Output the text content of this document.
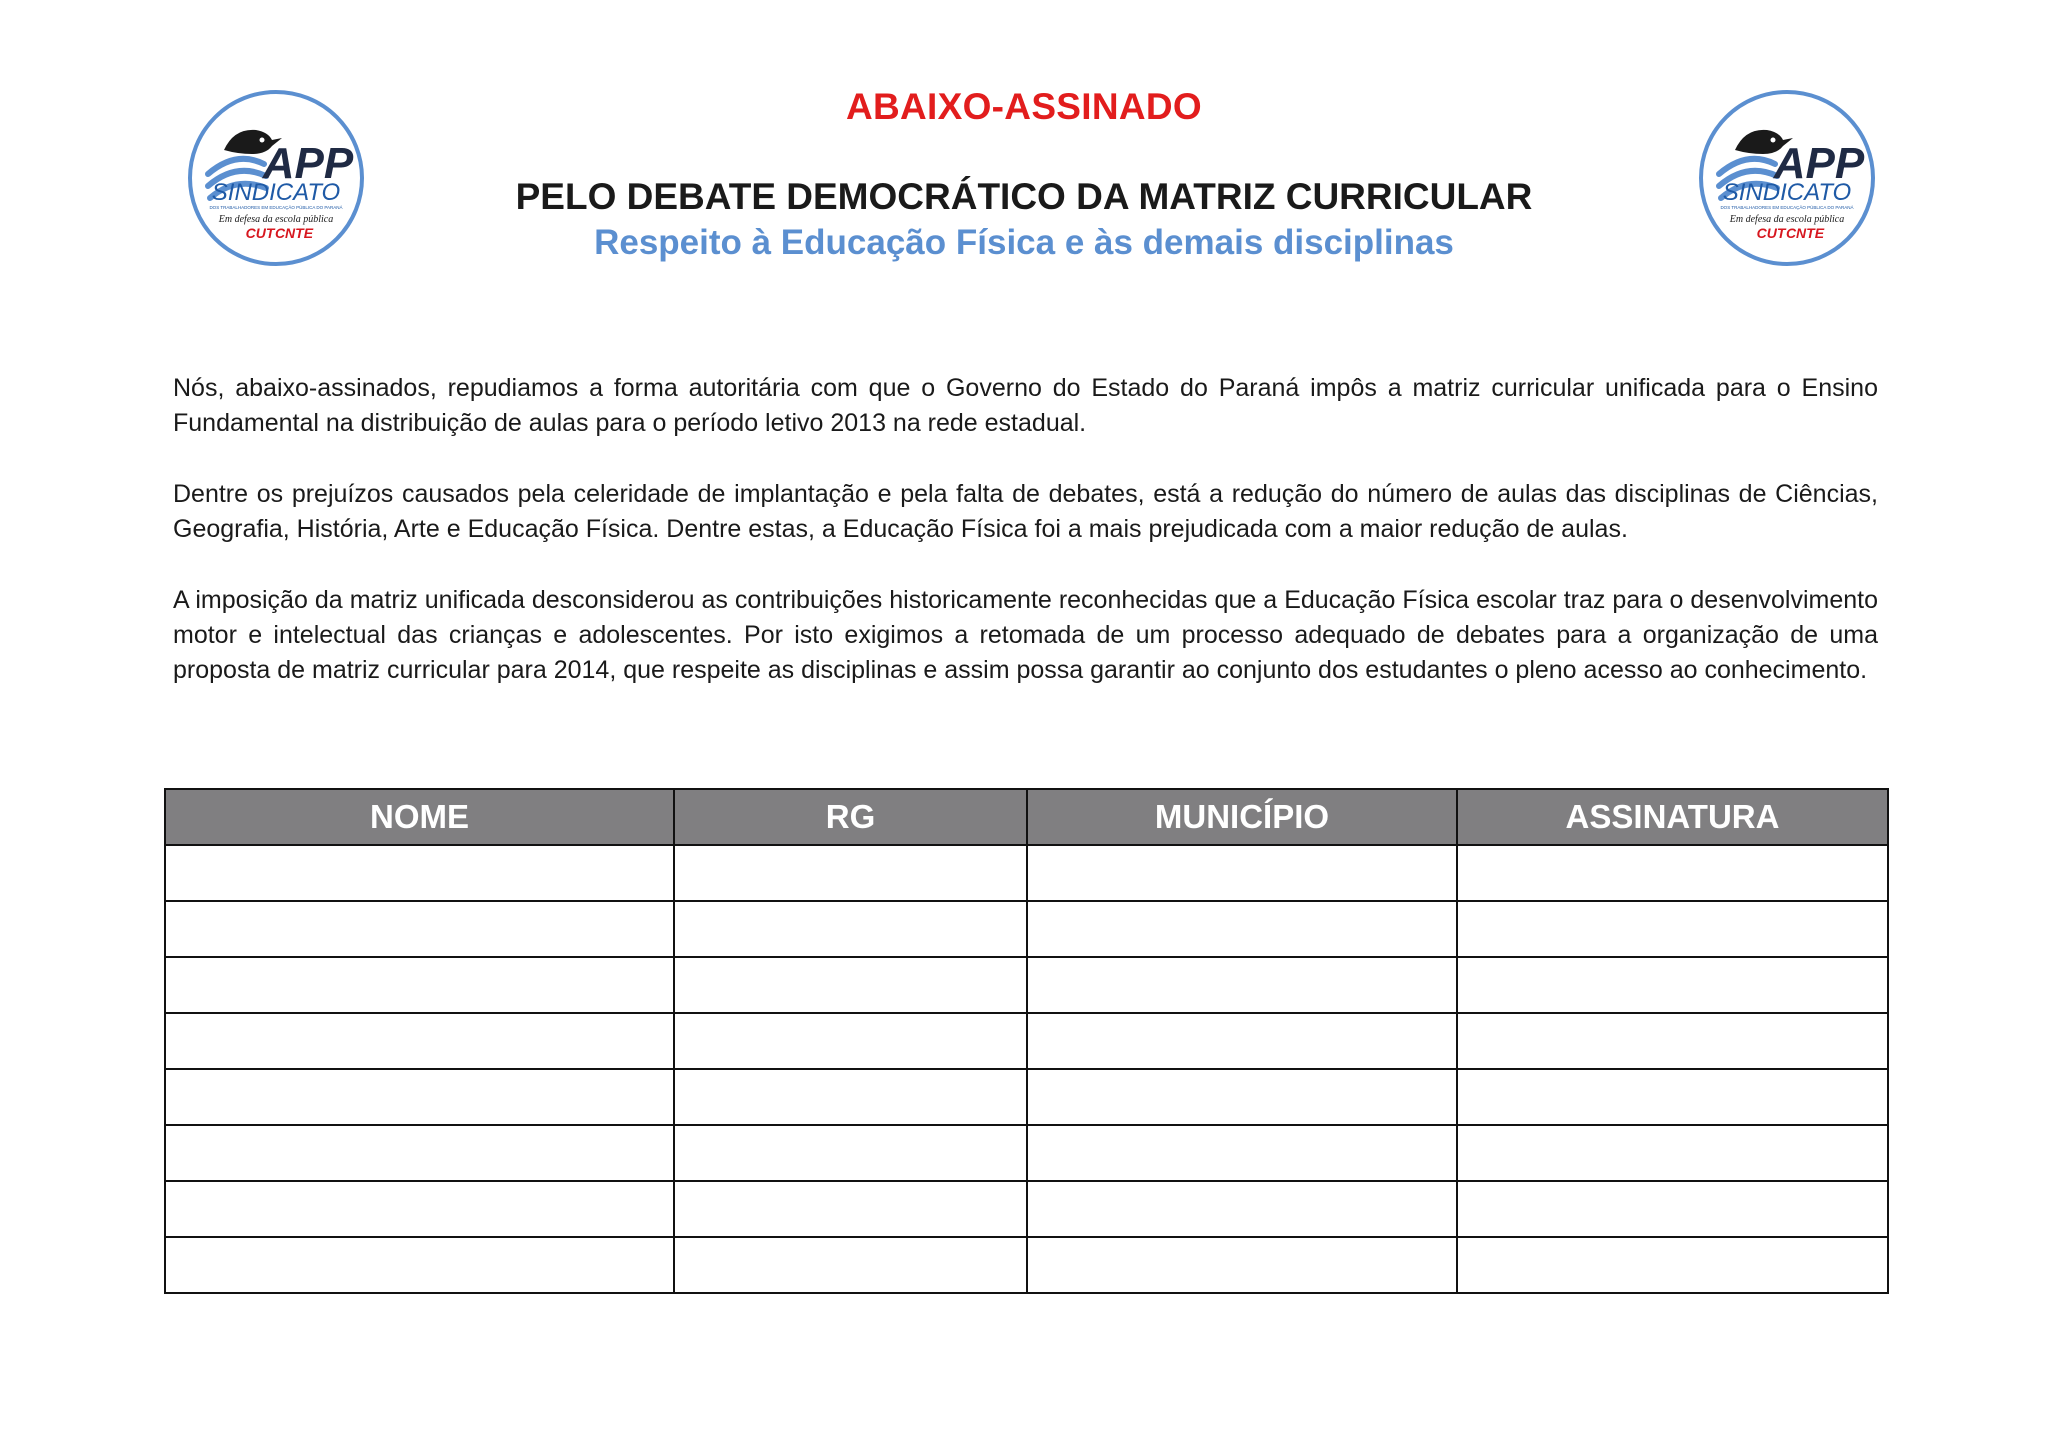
APP
SINDICATO
DOS TRABALHADORES EM EDUCAÇÃO PÚBLICA DO PARANÁ
Em defesa da escola pública
CUT CNTE
APP
SINDICATO
DOS TRABALHADORES EM EDUCAÇÃO PÚBLICA DO PARANÁ
Em defesa da escola pública
CUT CNTE
ABAIXO-ASSINADO
PELO DEBATE DEMOCRÁTICO DA MATRIZ CURRICULAR
Respeito à Educação Física e às demais disciplinas

Nós, abaixo-assinados, repudiamos a forma autoritária com que o Governo do Estado do Paraná impôs a matriz curricular unificada para o Ensino Fundamental na distribuição de aulas para o período letivo 2013 na rede estadual.

Dentre os prejuízos causados pela celeridade de implantação e pela falta de debates, está a redução do número de aulas das disciplinas de Ciências, Geografia, História, Arte e Educação Física. Dentre estas, a Educação Física foi a mais prejudicada com a maior redução de aulas.

A imposição da matriz unificada desconsiderou as contribuições historicamente reconhecidas que a Educação Física escolar traz para o desenvolvimento motor e intelectual das crianças e adolescentes. Por isto exigimos a retomada de um processo adequado de debates para a organização de uma proposta de matriz curricular para 2014, que respeite as disciplinas e assim possa garantir ao conjunto dos estudantes o pleno acesso ao conhecimento.

NOME	RG	MUNICÍPIO	ASSINATURA
